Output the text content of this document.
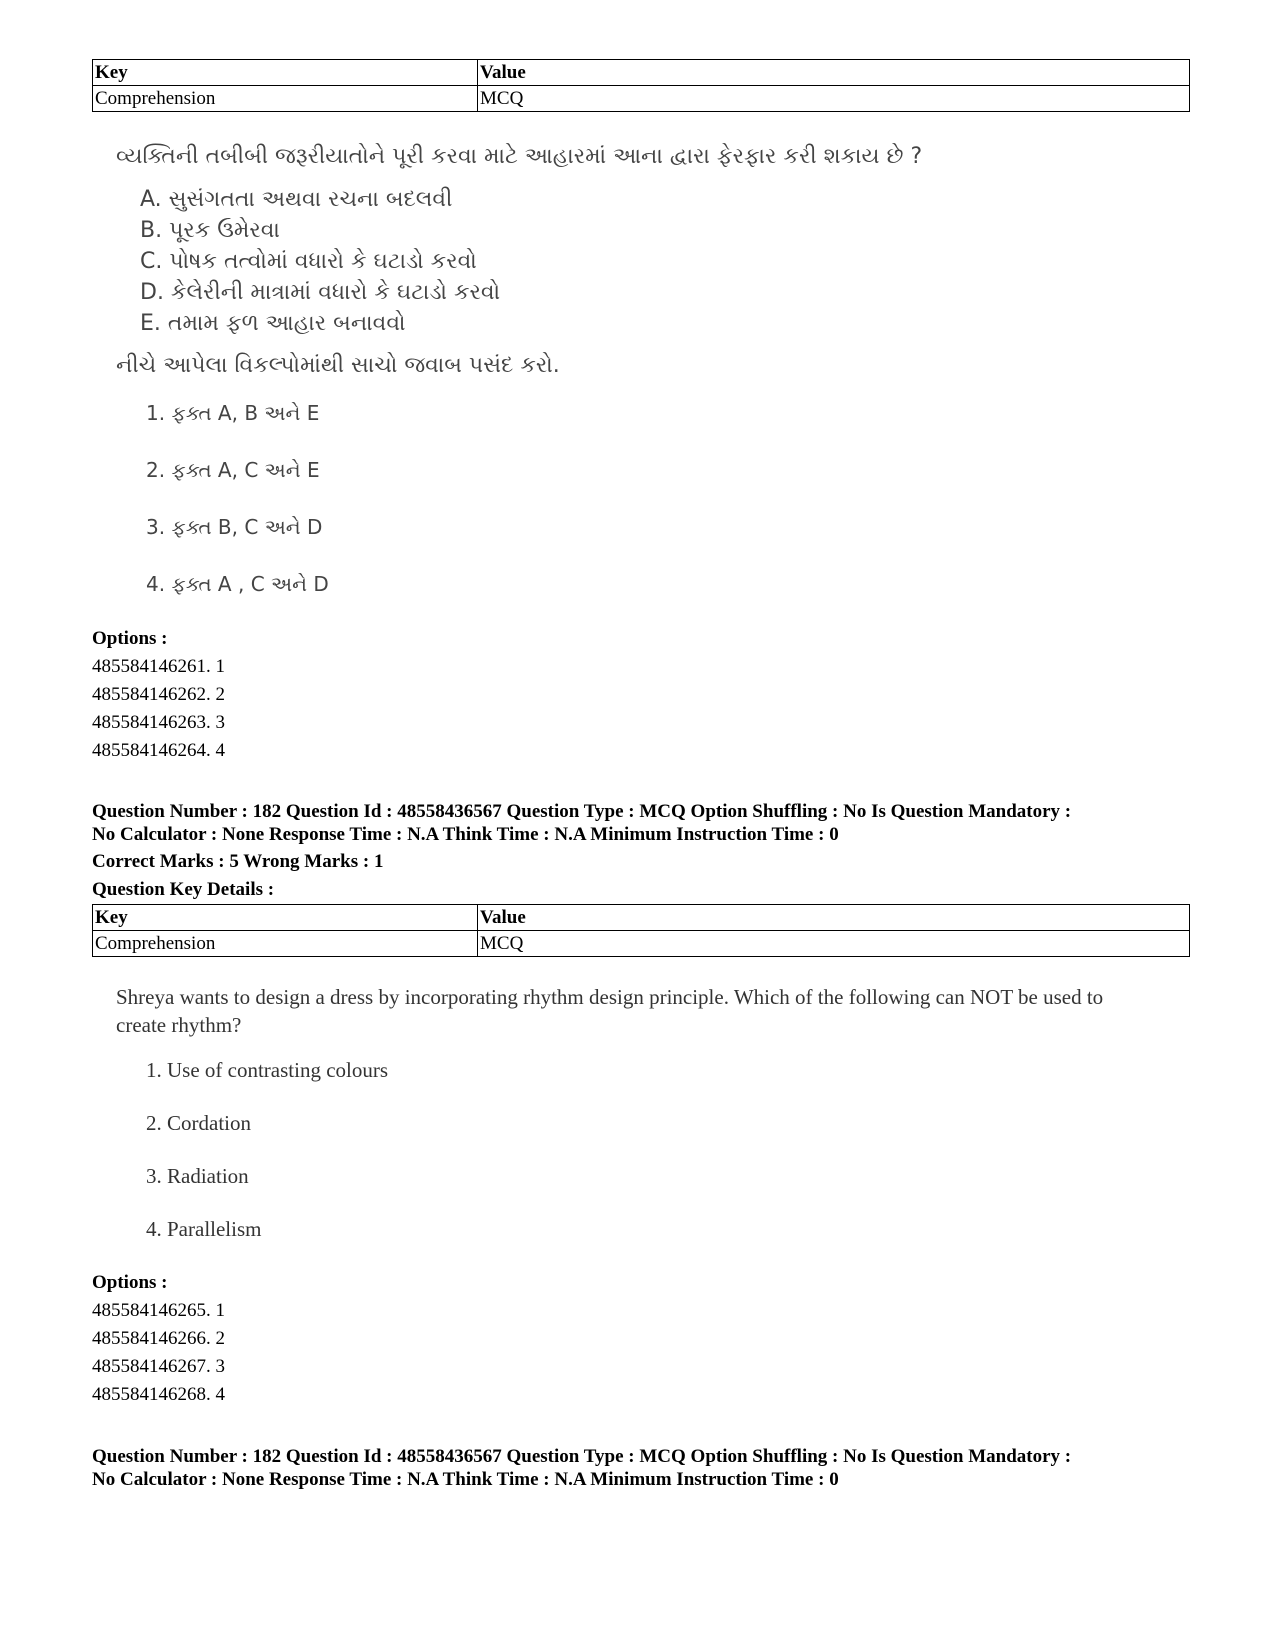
Key	Value
Comprehension	MCQ
વ્યક્તિની તબીબી જરૂરીયાતોને પૂરી કરવા માટે આહારમાં આના દ્વારા ફેરફાર કરી શકાય છે ?
A. સુસંગતતા અથવા રચના બદલવી
B. પૂરક ઉમેરવા
C. પોષક તત્વોમાં વધારો કે ઘટાડો કરવો
D. કેલેરીની માત્રામાં વધારો કે ઘટાડો કરવો
E. તમામ ફળ આહાર બનાવવો
નીચે આપેલા વિકલ્પોમાંથી સાચો જવાબ પસંદ કરો.
1. ફક્ત A, B અને E
2. ફક્ત A, C અને E
3. ફક્ત B, C અને D
4. ફક્ત A , C અને D
Options :
485584146261. 1
485584146262. 2
485584146263. 3
485584146264. 4
Question Number : 182 Question Id : 48558436567 Question Type : MCQ Option Shuffling : No Is Question Mandatory :
No Calculator : None Response Time : N.A Think Time : N.A Minimum Instruction Time : 0
Correct Marks : 5 Wrong Marks : 1
Question Key Details :
Key	Value
Comprehension	MCQ
Shreya wants to design a dress by incorporating rhythm design principle. Which of the following can NOT be used to create rhythm?
1. Use of contrasting colours
2. Cordation
3. Radiation
4. Parallelism
Options :
485584146265. 1
485584146266. 2
485584146267. 3
485584146268. 4
Question Number : 182 Question Id : 48558436567 Question Type : MCQ Option Shuffling : No Is Question Mandatory :
No Calculator : None Response Time : N.A Think Time : N.A Minimum Instruction Time : 0
